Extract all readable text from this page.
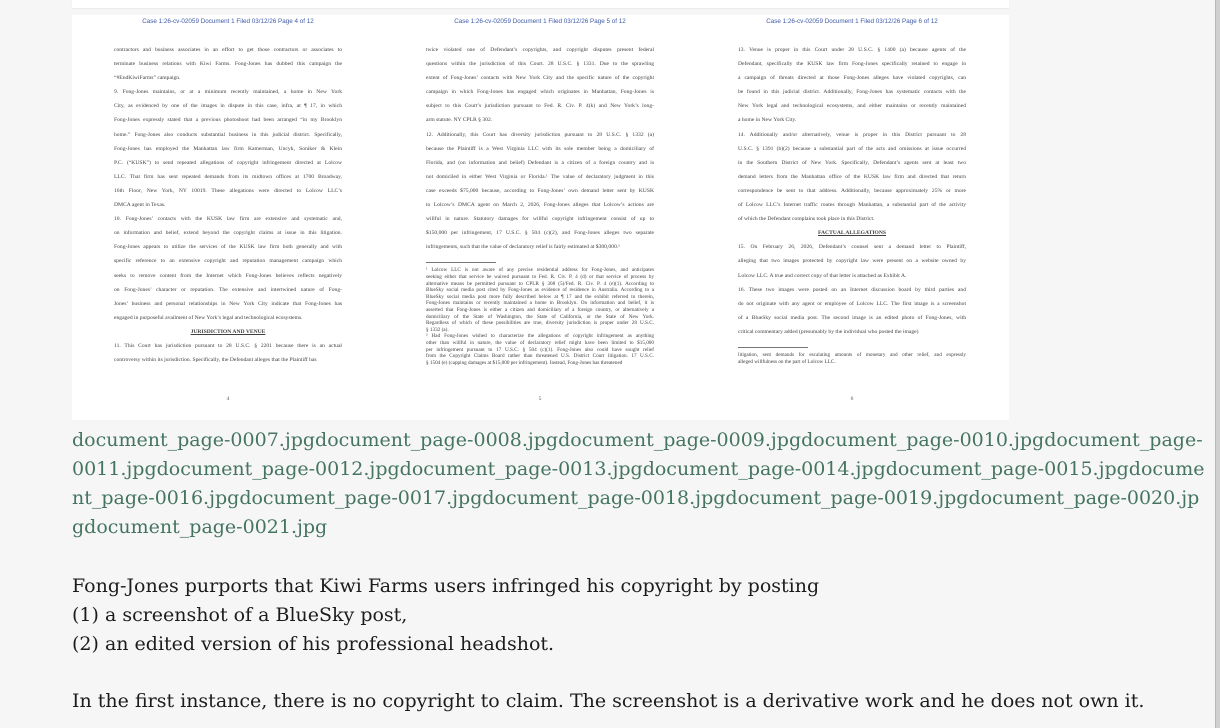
Case 1:26-cv-02059 Document 1 Filed 03/12/26 Page 4 of 12
contractors and business associates in an effort to get those contractors or associates to
terminate business relations with Kiwi Farms. Fong-Jones has dubbed this campaign the
“#EndKiwiFarms” campaign.
9. Fong-Jones maintains, or at a minimum recently maintained, a home in New York
City, as evidenced by one of the images in dispute in this case, infra, at ¶ 17, in which
Fong-Jones expressly stated that a previous photoshoot had been arranged “in my Brooklyn
home.” Fong-Jones also conducts substantial business in this judicial district. Specifically,
Fong-Jones has employed the Manhattan law firm Kamerman, Uncyk, Soniker & Klein
P.C. (“KUSK”) to send repeated allegations of copyright infringement directed at Lolcow
LLC. That firm has sent repeated demands from its midtown offices at 1700 Broadway,
16th Floor, New York, NY 10019. These allegations were directed to Lolcow LLC’s
DMCA agent in Texas.
10. Fong-Jones’ contacts with the KUSK law firm are extensive and systematic and,
on information and belief, extend beyond the copyright claims at issue in this litigation.
Fong-Jones appears to utilize the services of the KUSK law firm both generally and with
specific reference to an extensive copyright and reputation management campaign which
seeks to remove content from the Internet which Fong-Jones believes reflects negatively
on Fong-Jones’ character or reputation. The extensive and intertwined nature of Fong-
Jones’ business and personal relationships in New York City indicate that Fong-Jones has
engaged in purposeful availment of New York’s legal and technological ecosystems.
JURISDICTION AND VENUE
11. This Court has jurisdiction pursuant to 28 U.S.C. § 2201 because there is an actual
controversy within its jurisdiction. Specifically, the Defendant alleges that the Plaintiff has
4
Case 1:26-cv-02059 Document 1 Filed 03/12/26 Page 5 of 12
twice violated one of Defendant’s copyrights, and copyright disputes present federal
questions within the jurisdiction of this Court. 28 U.S.C. § 1331. Due to the sprawling
extent of Fong-Jones’ contacts with New York City and the specific nature of the copyright
campaign in which Fong-Jones has engaged which originates in Manhattan, Fong-Jones is
subject to this Court’s jurisdiction pursuant to Fed. R. Civ. P. 4(k) and New York’s long-
arm statute. NY CPLR § 302.
12. Additionally, this Court has diversity jurisdiction pursuant to 28 U.S.C. § 1332 (a)
because the Plaintiff is a West Virginia LLC with its sole member being a domiciliary of
Florida, and (on information and belief) Defendant is a citizen of a foreign country and is
not domiciled in either West Virginia or Florida.¹ The value of declaratory judgment in this
case exceeds $75,000 because, according to Fong-Jones’ own demand letter sent by KUSK
to Lolcow’s DMCA agent on March 2, 2026, Fong-Jones alleges that Lolcow’s actions are
willful in nature. Statutory damages for willful copyright infringement consist of up to
$150,000 per infringement, 17 U.S.C. § 504 (c)(2), and Fong-Jones alleges two separate
infringements, such that the value of declaratory relief is fairly estimated at $300,000.²
¹ Lolcow LLC is not aware of any precise residential address for Fong-Jones, and anticipates
seeking either that service be waived pursuant to Fed. R. Civ. P. 4 (d) or that service of process by
alternative means be permitted pursuant to CPLR § 308 (5)/Fed. R. Civ. P. 4 (e)(1). According to
BlueSky social media post cited by Fong-Jones as evidence of residence in Australia. According to a
BlueSky social media post more fully described below at ¶ 17 and the exhibit referred to therein,
Fong-Jones maintains or recently maintained a home in Brooklyn. On information and belief, it is
asserted that Fong-Jones is either a citizen and domiciliary of a foreign country, or alternatively a
domiciliary of the State of Washington, the State of California, or the State of New York.
Regardless of which of these possibilities are true, diversity jurisdiction is proper under 28 U.S.C.
§ 1332 (a).
² Had Fong-Jones wished to characterize the allegations of copyright infringement as anything
other than willful in nature, the value of declaratory relief might have been limited to $15,000
per infringement pursuant to 17 U.S.C. § 504 (c)(1). Fong-Jones also could have sought relief
from the Copyright Claims Board rather than threatened U.S. District Court litigation. 17 U.S.C.
§ 1504 (e) (capping damages at $15,000 per infringement). Instead, Fong-Jones has threatened
5
Case 1:26-cv-02059 Document 1 Filed 03/12/26 Page 6 of 12
13. Venue is proper in this Court under 28 U.S.C. § 1400 (a) because agents of the
Defendant, specifically the KUSK law firm Fong-Jones specifically retained to engage in
a campaign of threats directed at those Fong-Jones alleges have violated copyrights, can
be found in this judicial district. Additionally, Fong-Jones has systematic contacts with the
New York legal and technological ecosystems, and either maintains or recently maintained
a home in New York City.
14. Additionally and/or alternatively, venue is proper in this District pursuant to 28
U.S.C. § 1391 (b)(2) because a substantial part of the acts and omissions at issue occurred
in the Southern District of New York. Specifically, Defendant’s agents sent at least two
demand letters from the Manhattan office of the KUSK law firm and directed that return
correspondence be sent to that address. Additionally, because approximately 25% or more
of Lolcow LLC’s Internet traffic routes through Manhattan, a substantial part of the activity
of which the Defendant complains took place in this District.
FACTUAL ALLEGATIONS
15. On February 26, 2026, Defendant’s counsel sent a demand letter to Plaintiff,
alleging that two images protected by copyright law were present on a website owned by
Lolcow LLC. A true and correct copy of that letter is attached as Exhibit A.
16. These two images were posted on an Internet discussion board by third parties and
do not originate with any agent or employee of Lolcow LLC. The first image is a screenshot
of a BlueSky social media post. The second image is an edited photo of Fong-Jones, with
critical commentary added (presumably by the individual who posted the image)
litigation, sent demands for escalating amounts of monetary and other relief, and expressly
alleged willfulness on the part of Lolcow LLC.
6
document_page-0007.jpgdocument_page-0008.jpgdocument_page-0009.jpgdocument_page-0010.jpgdocument_page-0011.jpgdocument_page-0012.jpgdocument_page-0013.jpgdocument_page-0014.jpgdocument_page-0015.jpgdocument_page-0016.jpgdocument_page-0017.jpgdocument_page-0018.jpgdocument_page-0019.jpgdocument_page-0020.jpgdocument_page-0021.jpg

Fong-Jones purports that Kiwi Farms users infringed his copyright by posting
(1) a screenshot of a BlueSky post,
(2) an edited version of his professional headshot.

In the first instance, there is no copyright to claim. The screenshot is a derivative work and he does not own it.
